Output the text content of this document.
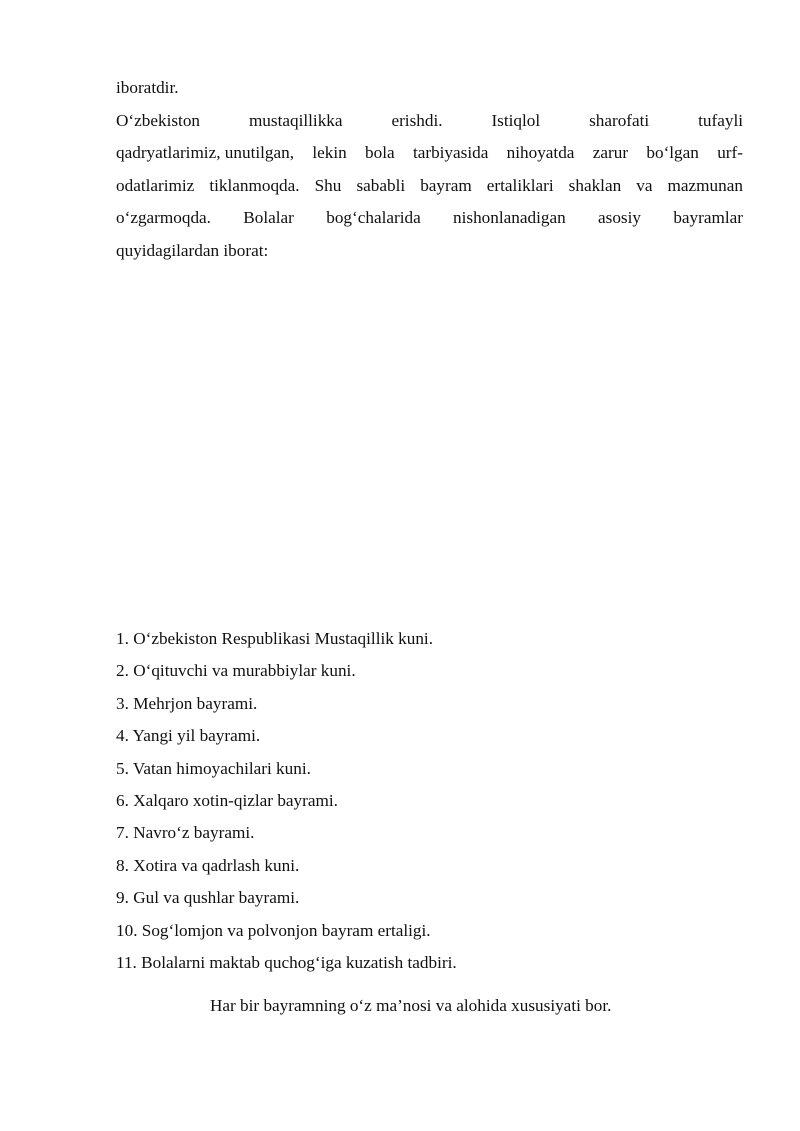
iboratdir.
O‘zbekiston	mustaqillikka	erishdi.	Istiqlol	sharofati	tufayli
qadryatlarimiz, unutilgan, lekin bola tarbiyasida nihoyatda zarur bo‘lgan urf-
odatlarimiz tiklanmoqda. Shu sababli bayram ertaliklari shaklan va mazmunan
o‘zgarmoqda. Bolalar bog‘chalarida nishonlanadigan asosiy bayramlar
quyidagilardan iborat:
1. O‘zbekiston Respublikasi Mustaqillik kuni.
2. O‘qituvchi va murabbiylar kuni.
3. Mehrjon bayrami.
4. Yangi yil bayrami.
5. Vatan himoyachilari kuni.
6. Xalqaro xotin-qizlar bayrami.
7. Navro‘z bayrami.
8. Xotira va qadrlash kuni.
9. Gul va qushlar bayrami.
10. Sog‘lomjon va polvonjon bayram ertaligi.
11. Bolalarni maktab quchog‘iga kuzatish tadbiri.
Har bir bayramning o‘z ma’nosi va alohida xususiyati bor.
